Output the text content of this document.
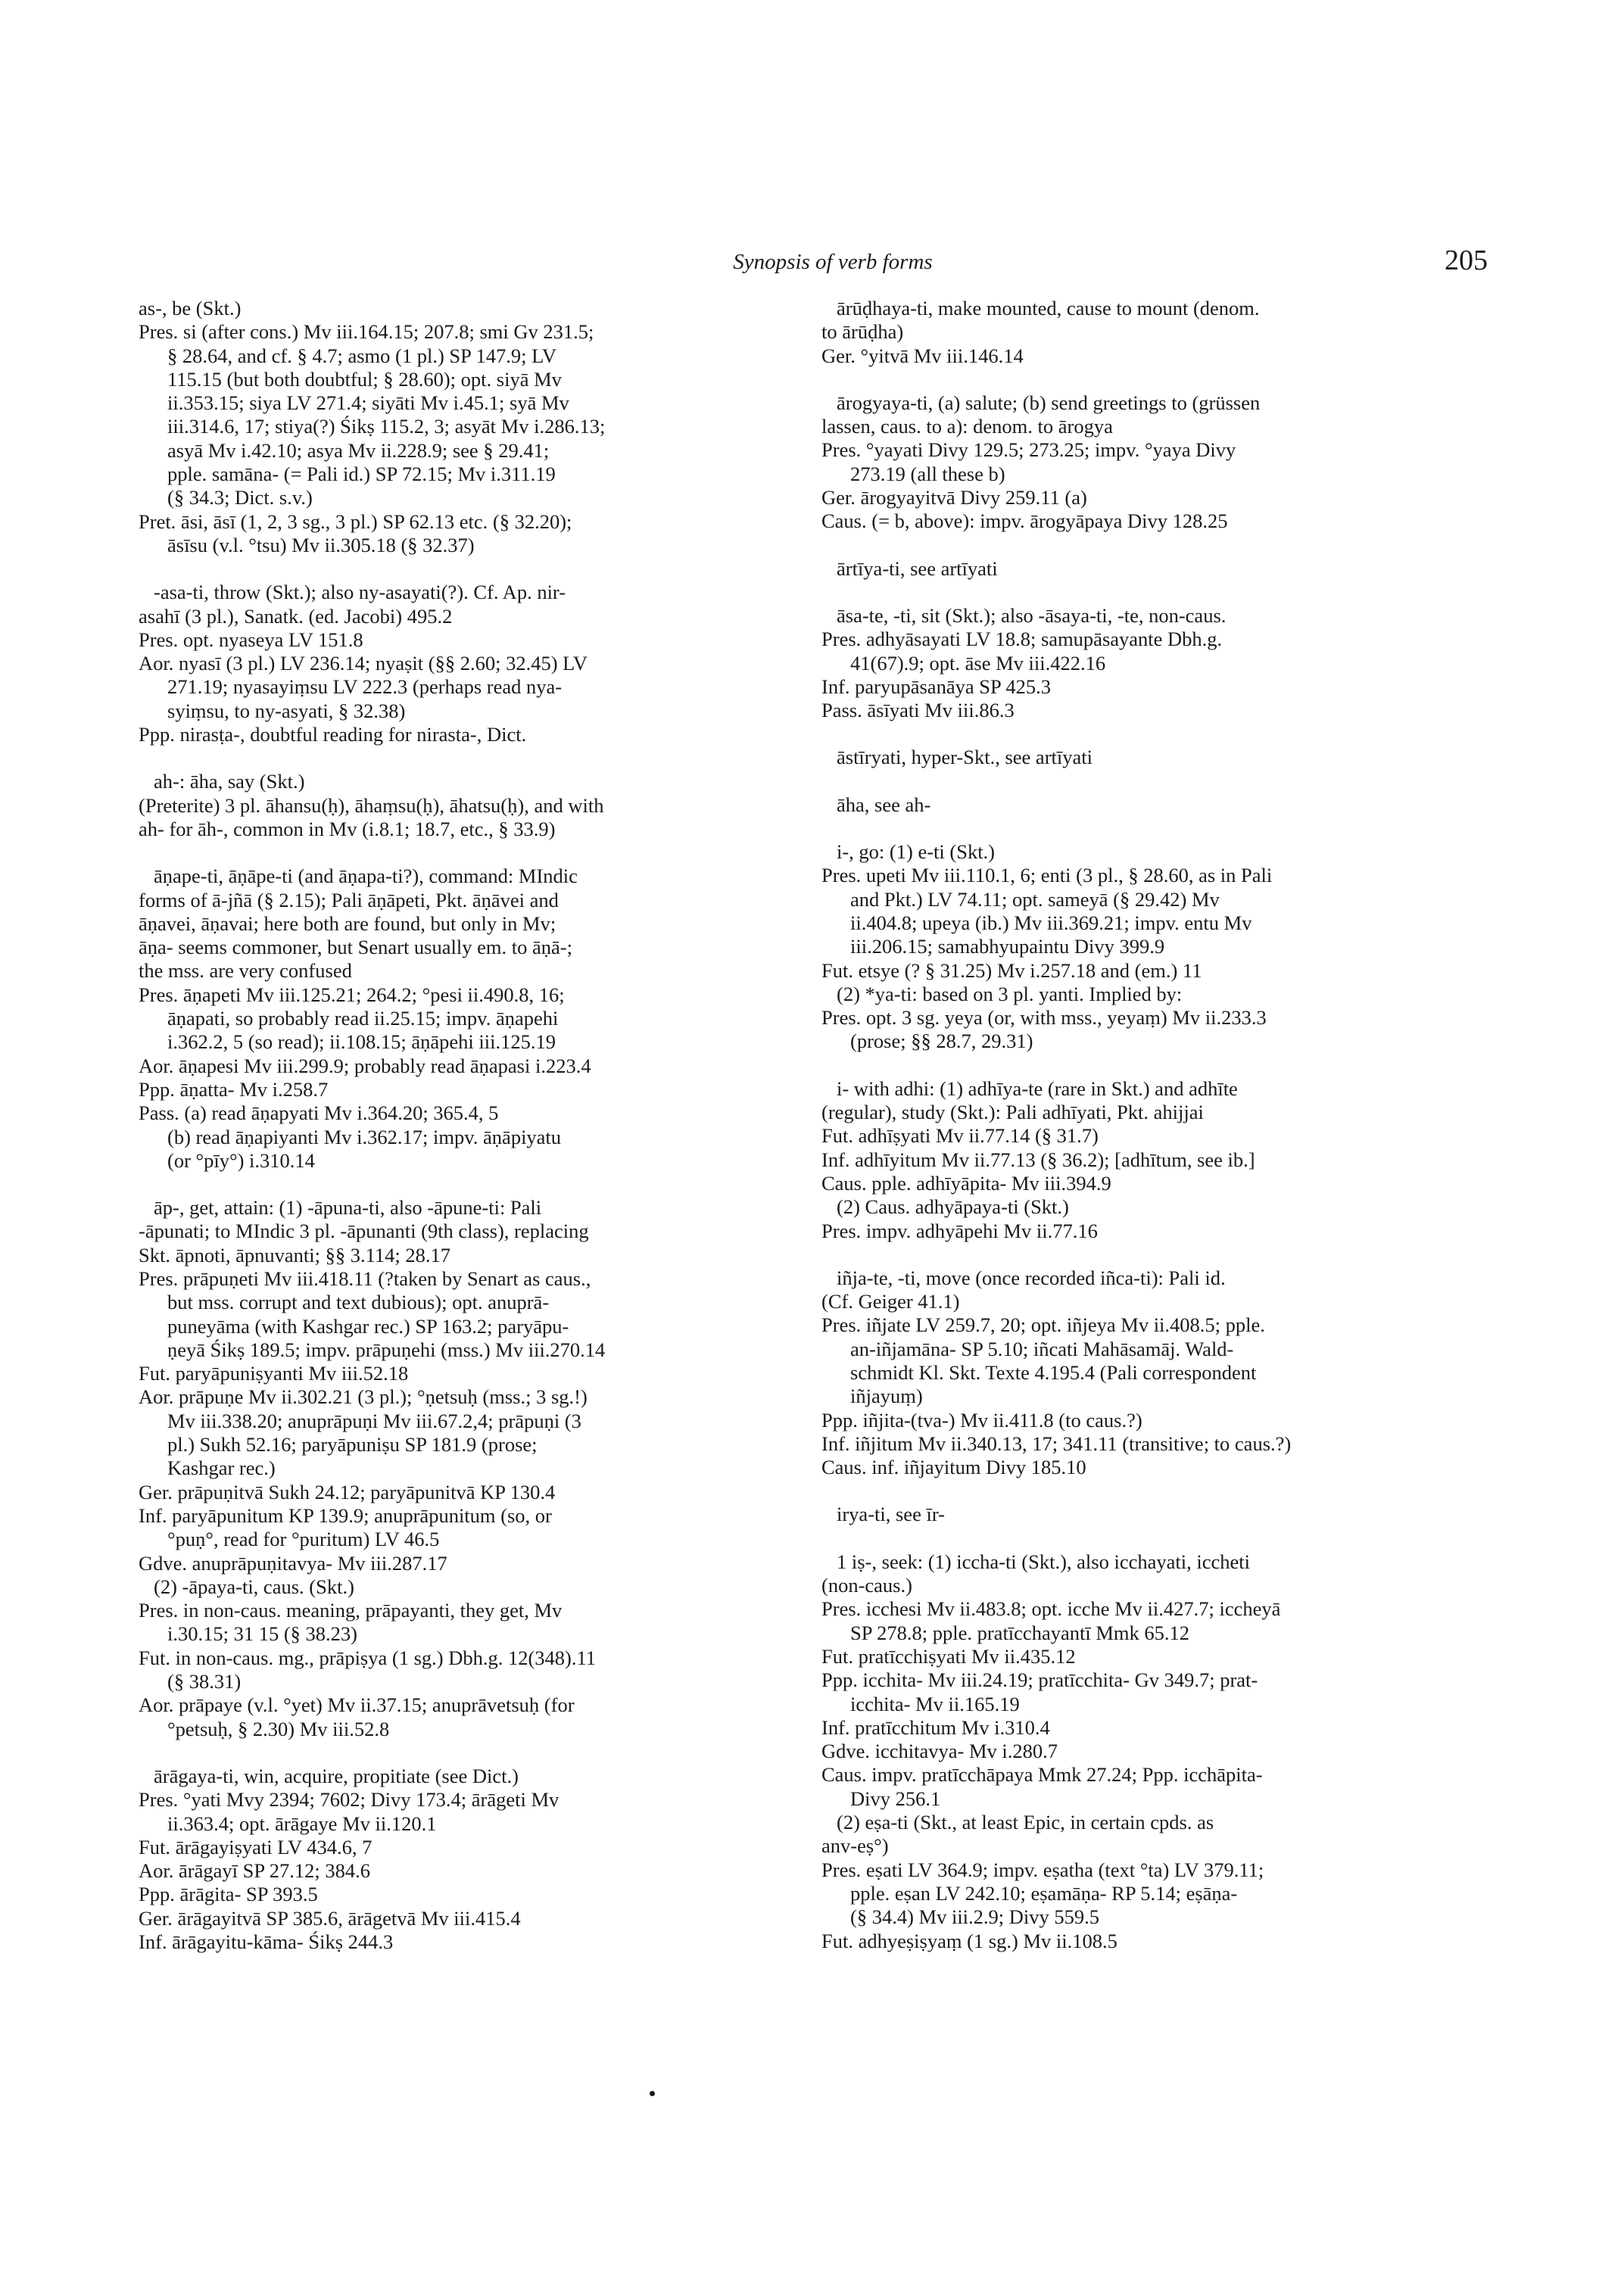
Synopsis of verb forms	205
as-, be (Skt.)
Pres. si (after cons.) Mv iii.164.15; 207.8; smi Gv 231.5;
§ 28.64, and cf. § 4.7; asmo (1 pl.) SP 147.9; LV
115.15 (but both doubtful; § 28.60); opt. siyā Mv
ii.353.15; siya LV 271.4; siyāti Mv i.45.1; syā Mv
iii.314.6, 17; stiya(?) Śikṣ 115.2, 3; asyāt Mv i.286.13;
asyā Mv i.42.10; asya Mv ii.228.9; see § 29.41;
pple. samāna- (= Pali id.) SP 72.15; Mv i.311.19
(§ 34.3; Dict. s.v.)
Pret. āsi, āsī (1, 2, 3 sg., 3 pl.) SP 62.13 etc. (§ 32.20);
āsīsu (v.l. °tsu) Mv ii.305.18 (§ 32.37)
-asa-ti, throw (Skt.); also ny-asayati(?). Cf. Ap. nir-
asahī (3 pl.), Sanatk. (ed. Jacobi) 495.2
Pres. opt. nyaseya LV 151.8
Aor. nyasī (3 pl.) LV 236.14; nyaṣit (§§ 2.60; 32.45) LV
271.19; nyasayiṃsu LV 222.3 (perhaps read nya-
syiṃsu, to ny-asyati, § 32.38)
Ppp. nirasṭa-, doubtful reading for nirasta-, Dict.
ah-: āha, say (Skt.)
(Preterite) 3 pl. āhansu(ḥ), āhaṃsu(ḥ), āhatsu(ḥ), and with
ah- for āh-, common in Mv (i.8.1; 18.7, etc., § 33.9)
āṇape-ti, āṇāpe-ti (and āṇapa-ti?), command: MIndic
forms of ā-jñā (§ 2.15); Pali āṇāpeti, Pkt. āṇāvei and
āṇavei, āṇavai; here both are found, but only in Mv;
āṇa- seems commoner, but Senart usually em. to āṇā-;
the mss. are very confused
Pres. āṇapeti Mv iii.125.21; 264.2; °pesi ii.490.8, 16;
āṇapati, so probably read ii.25.15; impv. āṇapehi
i.362.2, 5 (so read); ii.108.15; āṇāpehi iii.125.19
Aor. āṇapesi Mv iii.299.9; probably read āṇapasi i.223.4
Ppp. āṇatta- Mv i.258.7
Pass. (a) read āṇapyati Mv i.364.20; 365.4, 5
(b) read āṇapiyanti Mv i.362.17; impv. āṇāpiyatu
(or °pīy°) i.310.14
āp-, get, attain: (1) -āpuna-ti, also -āpune-ti: Pali
-āpunati; to MIndic 3 pl. -āpunanti (9th class), replacing
Skt. āpnoti, āpnuvanti; §§ 3.114; 28.17
Pres. prāpuṇeti Mv iii.418.11 (?taken by Senart as caus.,
but mss. corrupt and text dubious); opt. anuprā-
puneyāma (with Kashgar rec.) SP 163.2; paryāpu-
ṇeyā Śikṣ 189.5; impv. prāpuṇehi (mss.) Mv iii.270.14
Fut. paryāpuniṣyanti Mv iii.52.18
Aor. prāpuṇe Mv ii.302.21 (3 pl.); °ṇetsuḥ (mss.; 3 sg.!)
Mv iii.338.20; anuprāpuṇi Mv iii.67.2,4; prāpuṇi (3
pl.) Sukh 52.16; paryāpuniṣu SP 181.9 (prose;
Kashgar rec.)
Ger. prāpuṇitvā Sukh 24.12; paryāpunitvā KP 130.4
Inf. paryāpunitum KP 139.9; anuprāpunitum (so, or
°puṇ°, read for °puritum) LV 46.5
Gdve. anuprāpuṇitavya- Mv iii.287.17
(2) -āpaya-ti, caus. (Skt.)
Pres. in non-caus. meaning, prāpayanti, they get, Mv
i.30.15; 31 15 (§ 38.23)
Fut. in non-caus. mg., prāpiṣya (1 sg.) Dbh.g. 12(348).11
(§ 38.31)
Aor. prāpaye (v.l. °yet) Mv ii.37.15; anuprāvetsuḥ (for
°petsuḥ, § 2.30) Mv iii.52.8
ārāgaya-ti, win, acquire, propitiate (see Dict.)
Pres. °yati Mvy 2394; 7602; Divy 173.4; ārāgeti Mv
ii.363.4; opt. ārāgaye Mv ii.120.1
Fut. ārāgayiṣyati LV 434.6, 7
Aor. ārāgayī SP 27.12; 384.6
Ppp. ārāgita- SP 393.5
Ger. ārāgayitvā SP 385.6, ārāgetvā Mv iii.415.4
Inf. ārāgayitu-kāma- Śikṣ 244.3
ārūḍhaya-ti, make mounted, cause to mount (denom.
to ārūḍha)
Ger. °yitvā Mv iii.146.14
ārogyaya-ti, (a) salute; (b) send greetings to (grüssen
lassen, caus. to a): denom. to ārogya
Pres. °yayati Divy 129.5; 273.25; impv. °yaya Divy
273.19 (all these b)
Ger. ārogyayitvā Divy 259.11 (a)
Caus. (= b, above): impv. ārogyāpaya Divy 128.25
ārtīya-ti, see artīyati
āsa-te, -ti, sit (Skt.); also -āsaya-ti, -te, non-caus.
Pres. adhyāsayati LV 18.8; samupāsayante Dbh.g.
41(67).9; opt. āse Mv iii.422.16
Inf. paryupāsanāya SP 425.3
Pass. āsīyati Mv iii.86.3
āstīryati, hyper-Skt., see artīyati
āha, see ah-
i-, go: (1) e-ti (Skt.)
Pres. upeti Mv iii.110.1, 6; enti (3 pl., § 28.60, as in Pali
and Pkt.) LV 74.11; opt. sameyā (§ 29.42) Mv
ii.404.8; upeya (ib.) Mv iii.369.21; impv. entu Mv
iii.206.15; samabhyupaintu Divy 399.9
Fut. etsye (? § 31.25) Mv i.257.18 and (em.) 11
(2) *ya-ti: based on 3 pl. yanti. Implied by:
Pres. opt. 3 sg. yeya (or, with mss., yeyaṃ) Mv ii.233.3
(prose; §§ 28.7, 29.31)
i- with adhi: (1) adhīya-te (rare in Skt.) and adhīte
(regular), study (Skt.): Pali adhīyati, Pkt. ahijjai
Fut. adhīṣyati Mv ii.77.14 (§ 31.7)
Inf. adhīyitum Mv ii.77.13 (§ 36.2); [adhītum, see ib.]
Caus. pple. adhīyāpita- Mv iii.394.9
(2) Caus. adhyāpaya-ti (Skt.)
Pres. impv. adhyāpehi Mv ii.77.16
iñja-te, -ti, move (once recorded iñca-ti): Pali id.
(Cf. Geiger 41.1)
Pres. iñjate LV 259.7, 20; opt. iñjeya Mv ii.408.5; pple.
an-iñjamāna- SP 5.10; iñcati Mahāsamāj. Wald-
schmidt Kl. Skt. Texte 4.195.4 (Pali correspondent
iñjayuṃ)
Ppp. iñjita-(tva-) Mv ii.411.8 (to caus.?)
Inf. iñjitum Mv ii.340.13, 17; 341.11 (transitive; to caus.?)
Caus. inf. iñjayitum Divy 185.10
irya-ti, see īr-
1 iṣ-, seek: (1) iccha-ti (Skt.), also icchayati, iccheti
(non-caus.)
Pres. icchesi Mv ii.483.8; opt. icche Mv ii.427.7; iccheyā
SP 278.8; pple. pratīcchayantī Mmk 65.12
Fut. pratīcchiṣyati Mv ii.435.12
Ppp. icchita- Mv iii.24.19; pratīcchita- Gv 349.7; prat-
icchita- Mv ii.165.19
Inf. pratīcchitum Mv i.310.4
Gdve. icchitavya- Mv i.280.7
Caus. impv. pratīcchāpaya Mmk 27.24; Ppp. icchāpita-
Divy 256.1
(2) eṣa-ti (Skt., at least Epic, in certain cpds. as
anv-eṣ°)
Pres. eṣati LV 364.9; impv. eṣatha (text °ta) LV 379.11;
pple. eṣan LV 242.10; eṣamāṇa- RP 5.14; eṣāṇa-
(§ 34.4) Mv iii.2.9; Divy 559.5
Fut. adhyeṣiṣyaṃ (1 sg.) Mv ii.108.5
